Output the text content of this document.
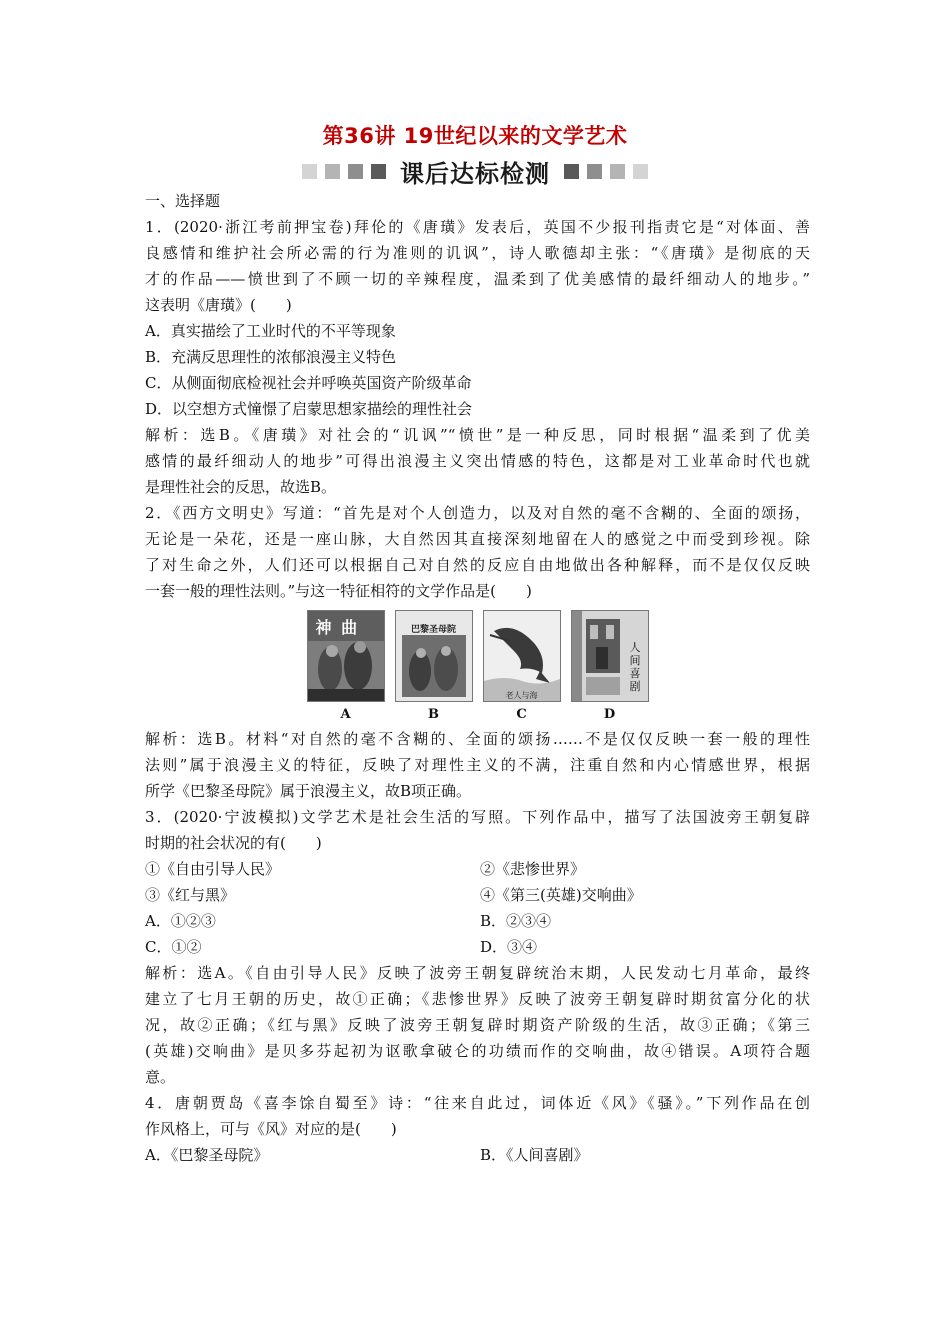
第36讲 19世纪以来的文学艺术
课后达标检测
一、选择题
1．(2020·浙江考前押宝卷)拜伦的《唐璜》发表后，英国不少报刊指责它是“对体面、善
良感情和维护社会所必需的行为准则的讥讽”，诗人歌德却主张：“《唐璜》是彻底的天
才的作品——愤世到了不顾一切的辛辣程度，温柔到了优美感情的最纤细动人的地步。”
这表明《唐璜》(　　)
A．真实描绘了工业时代的不平等现象
B．充满反思理性的浓郁浪漫主义特色
C．从侧面彻底检视社会并呼唤英国资产阶级革命
D．以空想方式憧憬了启蒙思想家描绘的理性社会
解析：选B。《唐璜》对社会的“讥讽”“愤世”是一种反思，同时根据“温柔到了优美
感情的最纤细动人的地步”可得出浪漫主义突出情感的特色，这都是对工业革命时代也就
是理性社会的反思，故选B。
2．《西方文明史》写道：“首先是对个人创造力，以及对自然的毫不含糊的、全面的颂扬，
无论是一朵花，还是一座山脉，大自然因其直接深刻地留在人的感觉之中而受到珍视。除
了对生命之外，人们还可以根据自己对自然的反应自由地做出各种解释，而不是仅仅反映
一套一般的理性法则。”与这一特征相符的文学作品是(　　)
神 曲	巴黎圣母院
老人与海
人间喜剧
A	B	C	D
解析：选B。材料“对自然的毫不含糊的、全面的颂扬……不是仅仅反映一套一般的理性
法则”属于浪漫主义的特征，反映了对理性主义的不满，注重自然和内心情感世界，根据
所学《巴黎圣母院》属于浪漫主义，故B项正确。
3．(2020·宁波模拟)文学艺术是社会生活的写照。下列作品中，描写了法国波旁王朝复辟
时期的社会状况的有(　　)
①《自由引导人民》	②《悲惨世界》
③《红与黑》	④《第三(英雄)交响曲》
A．①②③	B．②③④
C．①②	D．③④
解析：选A。《自由引导人民》反映了波旁王朝复辟统治末期，人民发动七月革命，最终
建立了七月王朝的历史，故①正确；《悲惨世界》反映了波旁王朝复辟时期贫富分化的状
况，故②正确；《红与黑》反映了波旁王朝复辟时期资产阶级的生活，故③正确；《第三
(英雄)交响曲》是贝多芬起初为讴歌拿破仑的功绩而作的交响曲，故④错误。A项符合题
意。
4．唐朝贾岛《喜李馀自蜀至》诗：“往来自此过，词体近《风》《骚》。”下列作品在创
作风格上，可与《风》对应的是(　　)
A．《巴黎圣母院》	B．《人间喜剧》
